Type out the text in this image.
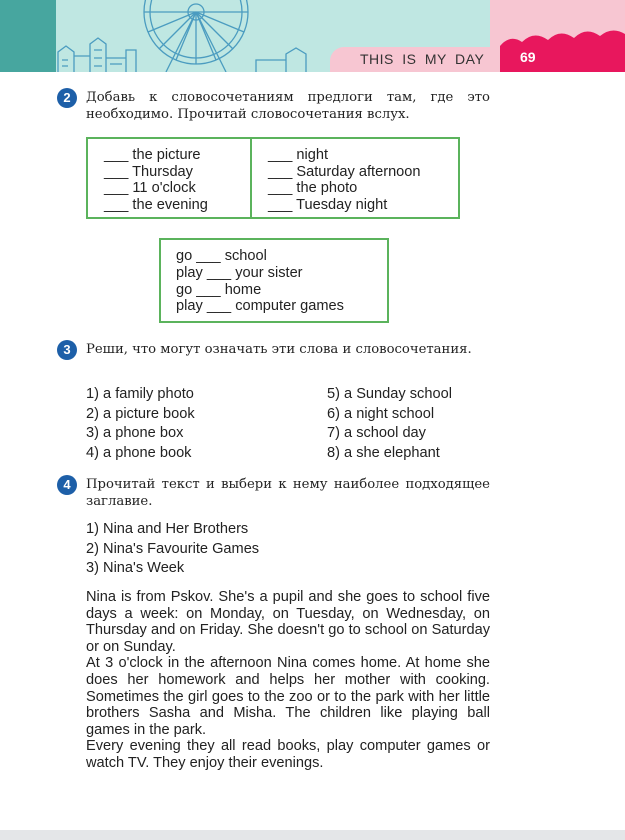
THIS IS MY DAY	69
2	Добавь к словосочетаниям предлоги там, где это необходимо. Прочитай словосочетания вслух.
___ the picture
___ Thursday
___ 11 o'clock
___ the evening
___ night
___ Saturday afternoon
___ the photo
___ Tuesday night
go ___ school
play ___ your sister
go ___ home
play ___ computer games
3	Реши, что могут означать эти слова и словосочетания.
1) a family photo
2) a picture book
3) a phone box
4) a phone book
5) a Sunday school
6) a night school
7) a school day
8) a she elephant
4	Прочитай текст и выбери к нему наиболее подходящее заглавие.
1) Nina and Her Brothers
2) Nina's Favourite Games
3) Nina's Week

Nina is from Pskov. She's a pupil and she goes to school five days a week: on Monday, on Tuesday, on Wednesday, on Thursday and on Friday. She doesn't go to school on Saturday or on Sunday.

At 3 o'clock in the afternoon Nina comes home. At home she does her homework and helps her mother with cooking. Sometimes the girl goes to the zoo or to the park with her little brothers Sasha and Misha. The children like playing ball games in the park.

Every evening they all read books, play computer games or watch TV. They enjoy their evenings.
